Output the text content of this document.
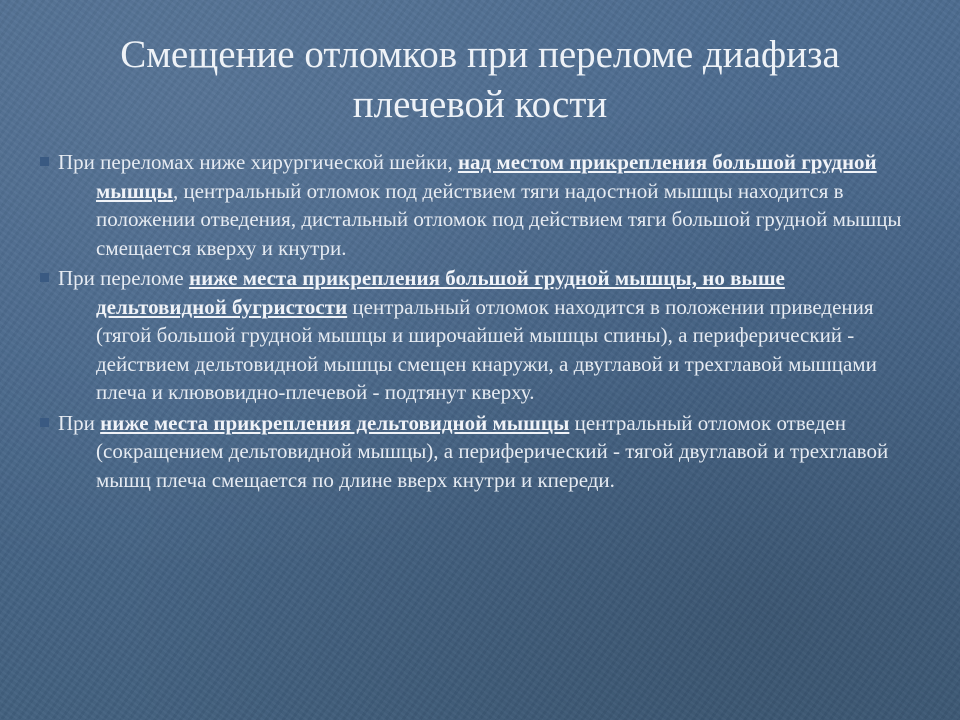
Смещение отломков при переломе диафиза
плечевой кости

При переломах ниже хирургической шейки, над местом прикрепления большой грудной мышцы, центральный отломок под действием тяги надостной мышцы находится в положении отведения, дистальный отломок под действием тяги большой грудной мышцы смещается кверху и кнутри.

При переломе ниже места прикрепления большой грудной мышцы, но выше дельтовидной бугристости центральный отломок находится в положении приведения (тягой большой грудной мышцы и широчайшей мышцы спины), а периферический - действием дельтовидной мышцы смещен кнаружи, а двуглавой и трехглавой мышцами плеча и клювовидно-плечевой - подтянут кверху.

При ниже места прикрепления дельтовидной мышцы центральный отломок отведен (сокращением дельтовидной мышцы), а периферический - тягой двуглавой и трехглавой мышц плеча смещается по длине вверх кнутри и кпереди.
